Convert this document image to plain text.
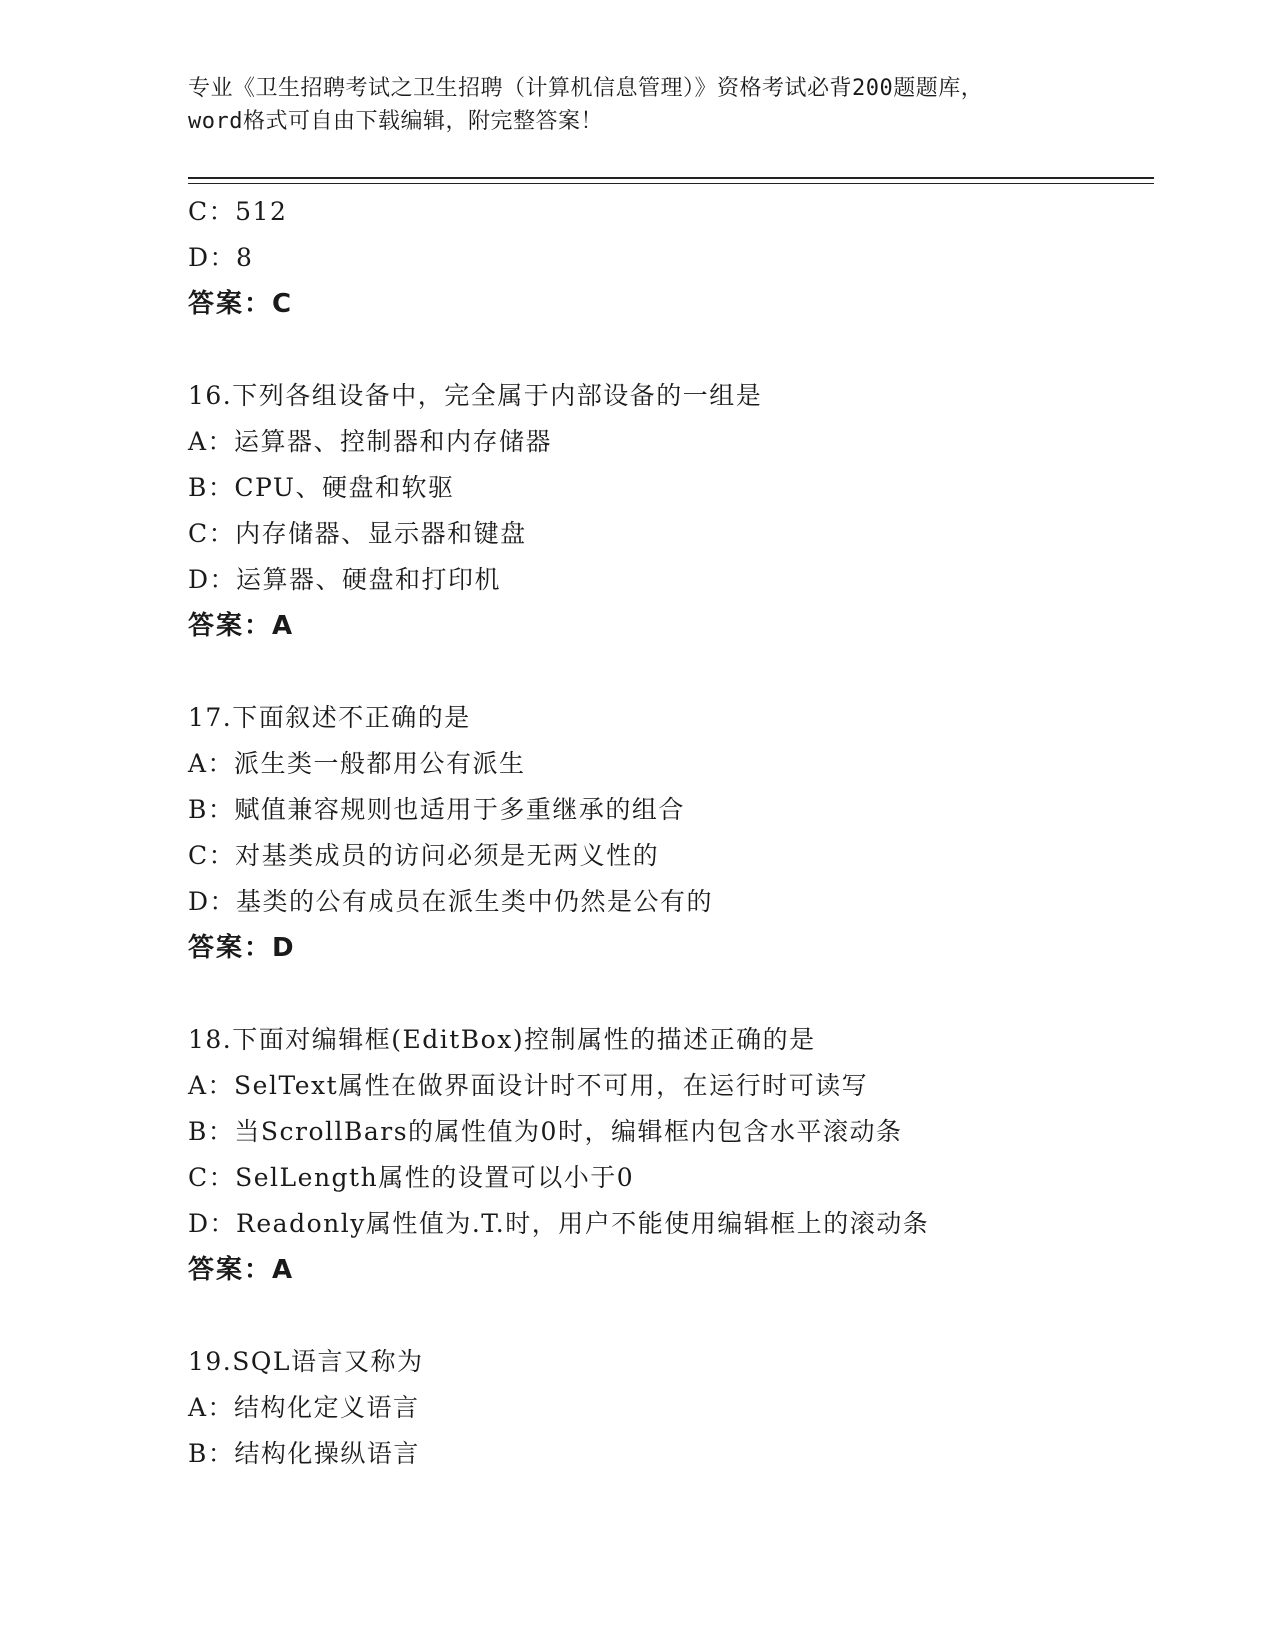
专业《卫生招聘考试之卫生招聘（计算机信息管理）》资格考试必背200题题库，
word格式可自由下载编辑，附完整答案！
C：512
D：8
答案：C
16.下列各组设备中，完全属于内部设备的一组是
A：运算器、控制器和内存储器
B：CPU、硬盘和软驱
C：内存储器、显示器和键盘
D：运算器、硬盘和打印机
答案：A
17.下面叙述不正确的是
A：派生类一般都用公有派生
B：赋值兼容规则也适用于多重继承的组合
C：对基类成员的访问必须是无两义性的
D：基类的公有成员在派生类中仍然是公有的
答案：D
18.下面对编辑框(EditBox)控制属性的描述正确的是
A：SelText属性在做界面设计时不可用，在运行时可读写
B：当ScrollBars的属性值为0时，编辑框内包含水平滚动条
C：SelLength属性的设置可以小于0
D：Readonly属性值为.T.时，用户不能使用编辑框上的滚动条
答案：A
19.SQL语言又称为
A：结构化定义语言
B：结构化操纵语言
